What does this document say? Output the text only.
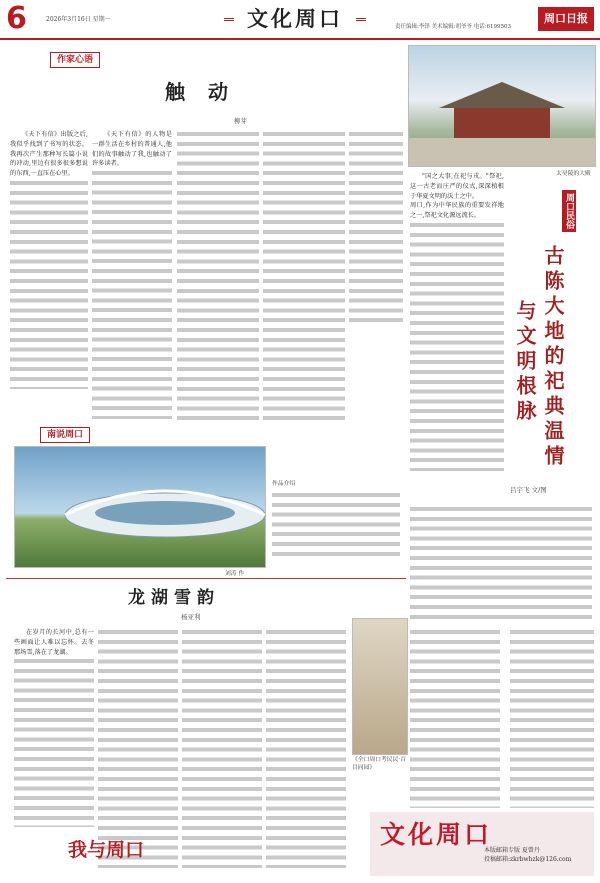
6	2026年3月16日 星期一	文化周口	责任编辑:李铎 美术编辑:胡爷爷 电话:6199503
周口日报
作家心语
触 动
柳芽
《天下有信》出版之后,我似乎找到了书写的状态。我再次产生那种写长篇小说的冲动,里边有很多很多想说的东西,一直压在心里。
《天下有信》的人物是一群生活在乡村的普通人,他们的故事触动了我,也触动了许多读者。
南说周口
作品介绍
刘涛 作
龙湖雪韵
杨亚利
在岁月的长河中,总有一些画面让人难以忘怀。去冬那场雪,落在了龙湖。
我与周口
太昊陵的大殿
周口民俗
古陈大地的祀典温情
与文明根脉
吕宇飞 文/图
"国之大事,在祀与戎。"祭祀,这一古老而庄严的仪式,深深植根于华夏文明的沃土之中。
周口,作为中华民族的重要发祥地之一,祭祀文化源远流长。
《全口周口考民民·百目同园》
文化周口
本版邮箱专版 夏曾丹
投稿邮箱:zkrbwhzk@126.com
